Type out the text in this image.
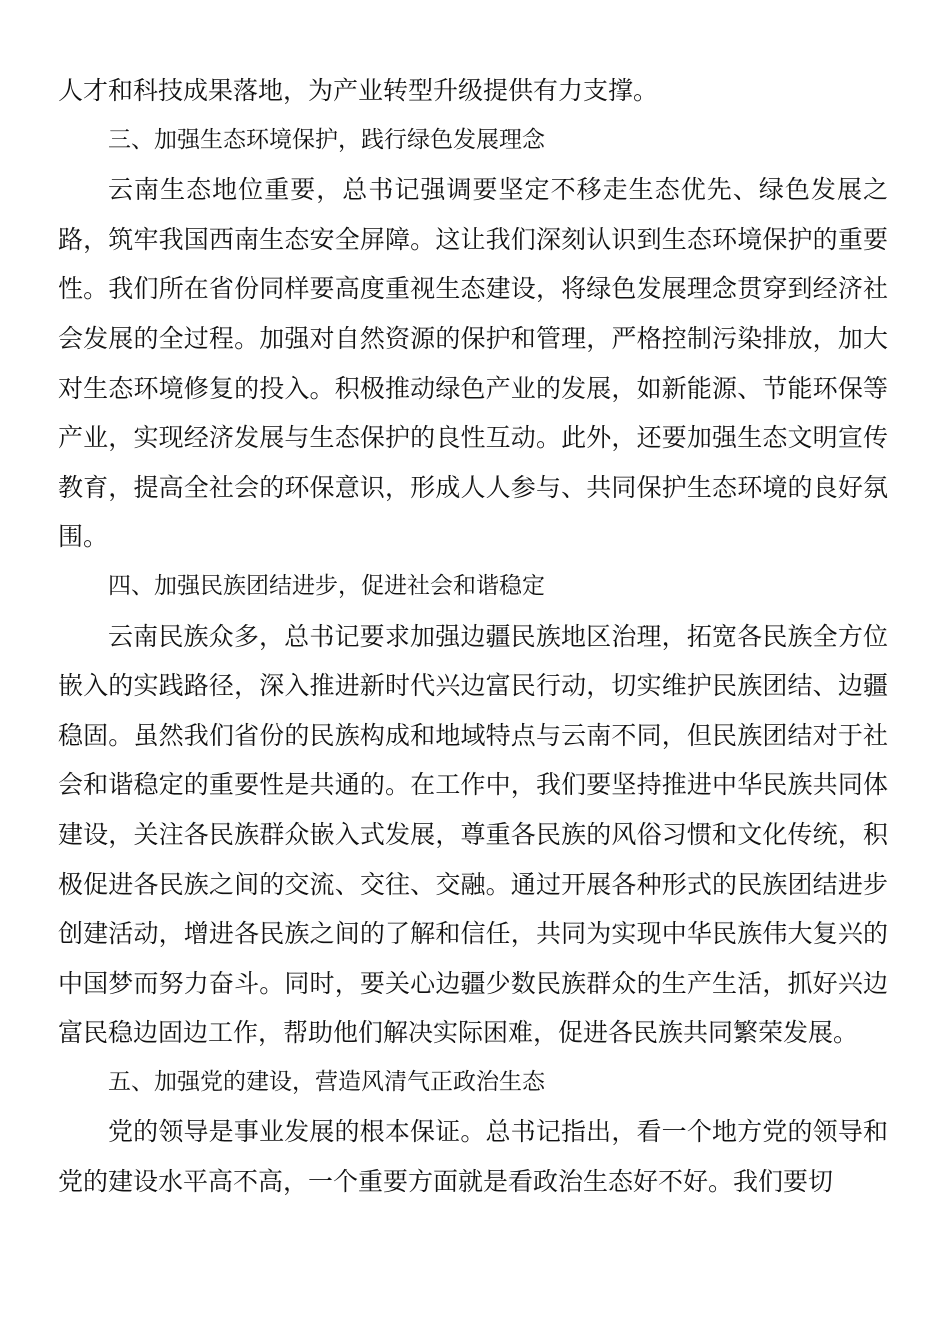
人才和科技成果落地，为产业转型升级提供有力支撑。

三、加强生态环境保护，践行绿色发展理念

云南生态地位重要，总书记强调要坚定不移走生态优先、绿色发展之路，筑牢我国西南生态安全屏障。这让我们深刻认识到生态环境保护的重要性。我们所在省份同样要高度重视生态建设，将绿色发展理念贯穿到经济社会发展的全过程。加强对自然资源的保护和管理，严格控制污染排放，加大对生态环境修复的投入。积极推动绿色产业的发展，如新能源、节能环保等产业，实现经济发展与生态保护的良性互动。此外，还要加强生态文明宣传教育，提高全社会的环保意识，形成人人参与、共同保护生态环境的良好氛围。

四、加强民族团结进步，促进社会和谐稳定

云南民族众多，总书记要求加强边疆民族地区治理，拓宽各民族全方位嵌入的实践路径，深入推进新时代兴边富民行动，切实维护民族团结、边疆稳固。虽然我们省份的民族构成和地域特点与云南不同，但民族团结对于社会和谐稳定的重要性是共通的。在工作中，我们要坚持推进中华民族共同体建设，关注各民族群众嵌入式发展，尊重各民族的风俗习惯和文化传统，积极促进各民族之间的交流、交往、交融。通过开展各种形式的民族团结进步创建活动，增进各民族之间的了解和信任，共同为实现中华民族伟大复兴的中国梦而努力奋斗。同时，要关心边疆少数民族群众的生产生活，抓好兴边富民稳边固边工作，帮助他们解决实际困难，促进各民族共同繁荣发展。

五、加强党的建设，营造风清气正政治生态

党的领导是事业发展的根本保证。总书记指出，看一个地方党的领导和党的建设水平高不高，一个重要方面就是看政治生态好不好。我们要切
